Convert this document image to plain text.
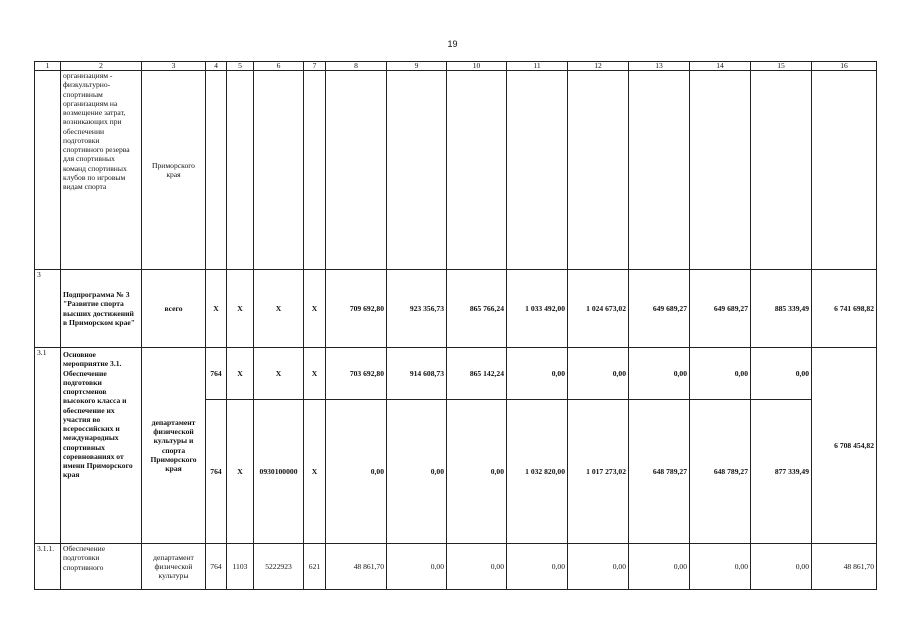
19
1	2	3	4	5	6	7	8	9	10	11	12	13	14	15	16

	организациям - физкультурно-спортивным организациям на возмещение затрат, возникающих при обеспечении подготовки спортивного резерва для спортивных команд спортивных клубов по игровым видам спорта	Приморского края													
3	Подпрограмма № 3 "Развитие спорта высших достижений в Приморском крае"	всего	X	X	X	X	709 692,80	923 356,73	865 766,24	1 033 492,00	1 024 673,02	649 689,27	649 689,27	885 339,49	6 741 698,82
3.1	Основное мероприятие 3.1. Обеспечение подготовки спортсменов высокого класса и обеспечение их участия во всероссийских и международных спортивных соревнованиях от имени Приморского края	департамент физической культуры и спорта Приморского края	764	X	X	X	703 692,80	914 608,73	865 142,24	0,00	0,00	0,00	0,00	0,00	6 708 454,82
			764	X	0930100000	X	0,00	0,00	0,00	1 032 820,00	1 017 273,02	648 789,27	648 789,27	877 339,49	
3.1.1.	Обеспечение подготовки спортивного	департамент физической культуры	764	1103	5222923	621	48 861,70	0,00	0,00	0,00	0,00	0,00	0,00	0,00	48 861,70
